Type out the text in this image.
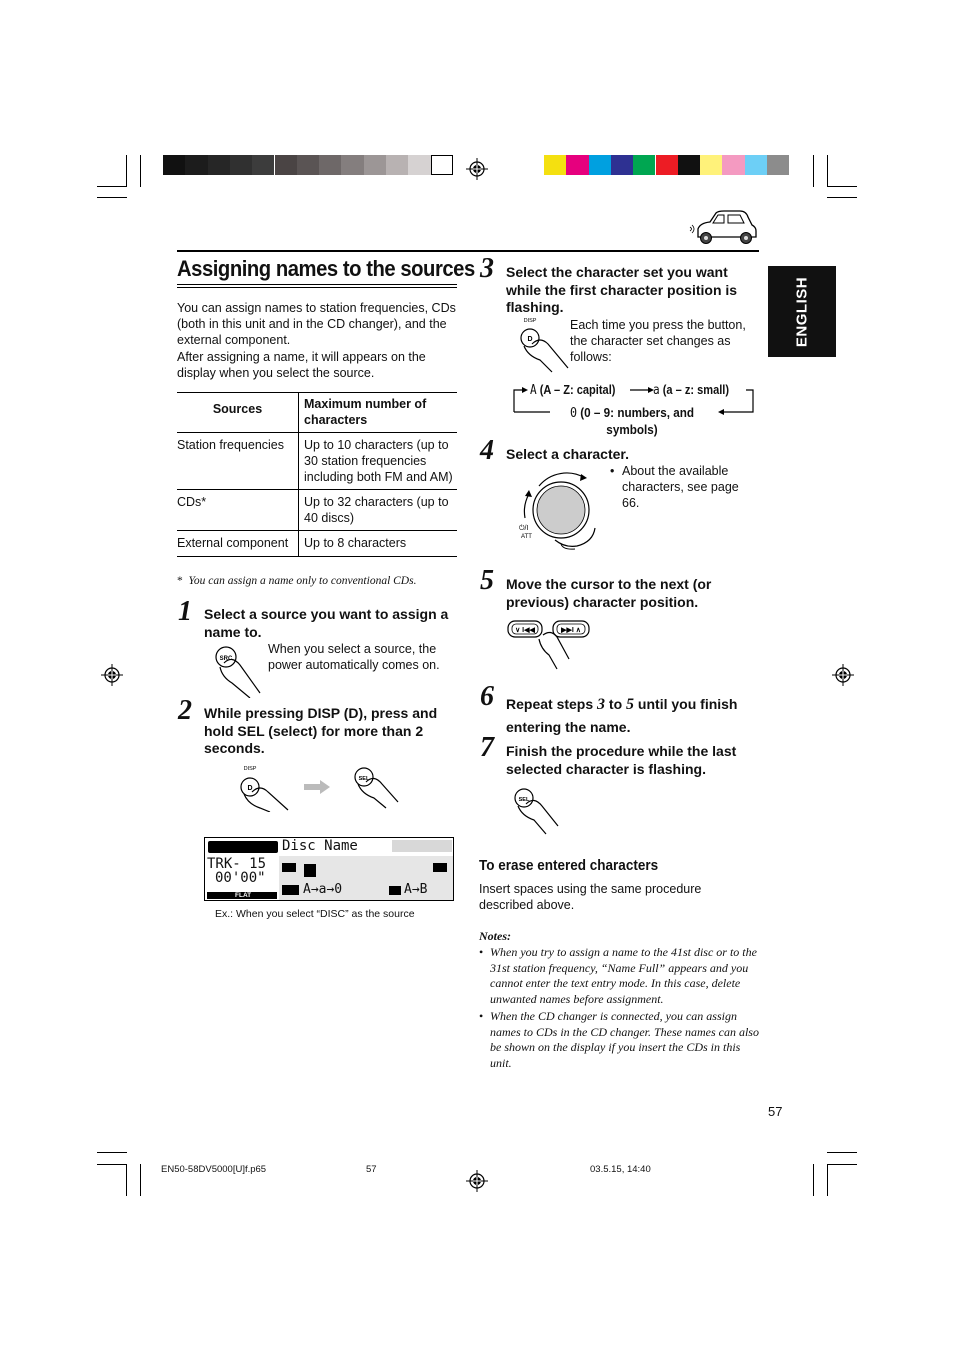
ENGLISH
Assigning names to the sources
You can assign names to station frequencies, CDs (both in this unit and in the CD changer), and the external component.
After assigning a name, it will appears on the display when you select the source.
Sources	Maximum number of characters
Station frequencies	Up to 10 characters (up to 30 station frequencies including both FM and AM)
CDs*	Up to 32 characters (up to 40 discs)
External component	Up to 8 characters
* You can assign a name only to conventional CDs.
1 Select a source you want to assign a name to.
SRC
When you select a source, the power automatically comes on.
2 While pressing DISP (D), press and hold SEL (select) for more than 2 seconds.
DISP
D
SEL
Disc Name
TRK- 15
00'00"
FLAT	A→a→0	A→B
Ex.: When you select “DISC” as the source
3 Select the character set you want while the first character position is flashing.
DISP
D
Each time you press the button, the character set changes as follows:
A (A – Z: capital)	a (a – z: small)
0 (0 – 9: numbers, and symbols)
4 Select a character.
⏻/I
ATT
• About the available characters, see page 66.
5 Move the cursor to the next (or previous) character position.
∨ I◀◀	▶▶I ∧
6 Repeat steps 3 to 5 until you finish entering the name.
7 Finish the procedure while the last selected character is flashing.
SEL
To erase entered characters
Insert spaces using the same procedure described above.
Notes:
• When you try to assign a name to the 41st disc or to the 31st station frequency, “Name Full” appears and you cannot enter the text entry mode. In this case, delete unwanted names before assignment.
• When the CD changer is connected, you can assign names to CDs in the CD changer. These names can also be shown on the display if you insert the CDs in this unit.
57
EN50-58DV5000[U]f.p65	57	03.5.15, 14:40
